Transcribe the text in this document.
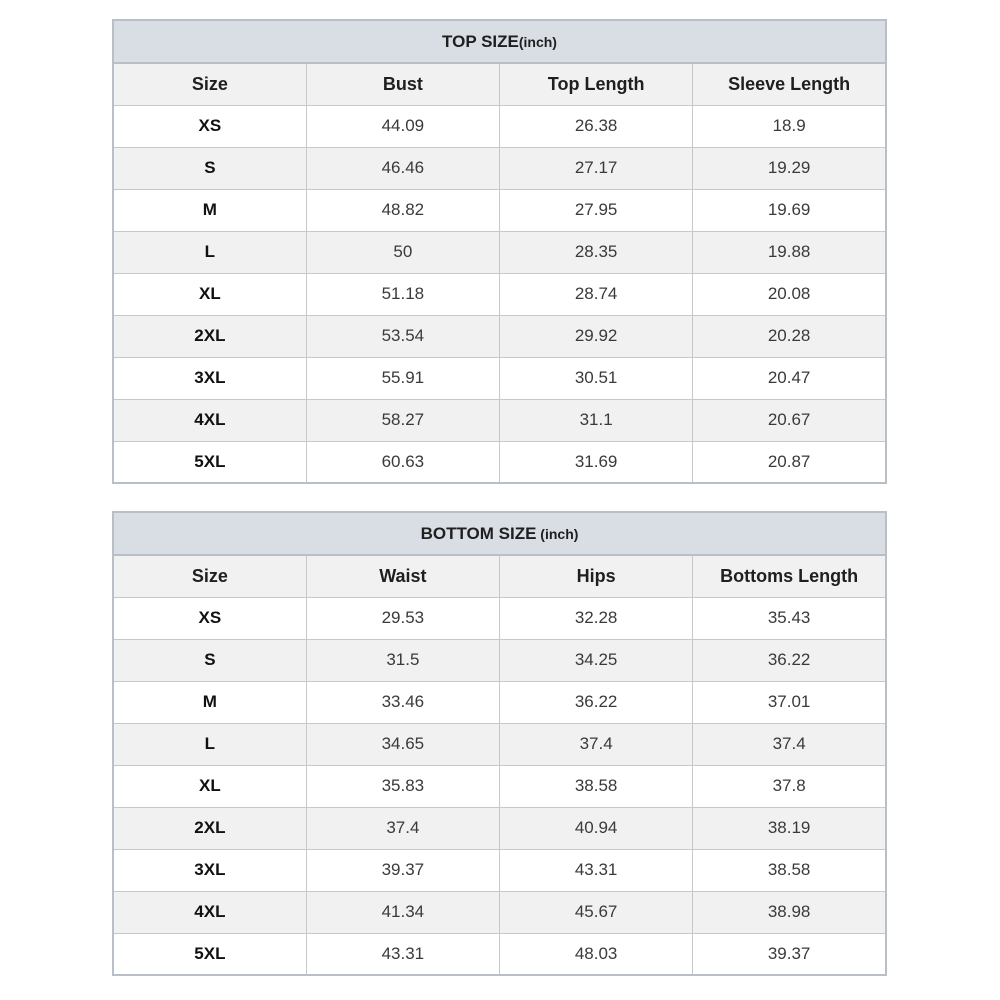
TOP SIZE(inch)			
Size	Bust	Top Length	Sleeve Length
XS	44.09	26.38	18.9
S	46.46	27.17	19.29
M	48.82	27.95	19.69
L	50	28.35	19.88
XL	51.18	28.74	20.08
2XL	53.54	29.92	20.28
3XL	55.91	30.51	20.47
4XL	58.27	31.1	20.67
5XL	60.63	31.69	20.87
BOTTOM SIZE (inch)			
Size	Waist	Hips	Bottoms Length
XS	29.53	32.28	35.43
S	31.5	34.25	36.22
M	33.46	36.22	37.01
L	34.65	37.4	37.4
XL	35.83	38.58	37.8
2XL	37.4	40.94	38.19
3XL	39.37	43.31	38.58
4XL	41.34	45.67	38.98
5XL	43.31	48.03	39.37
